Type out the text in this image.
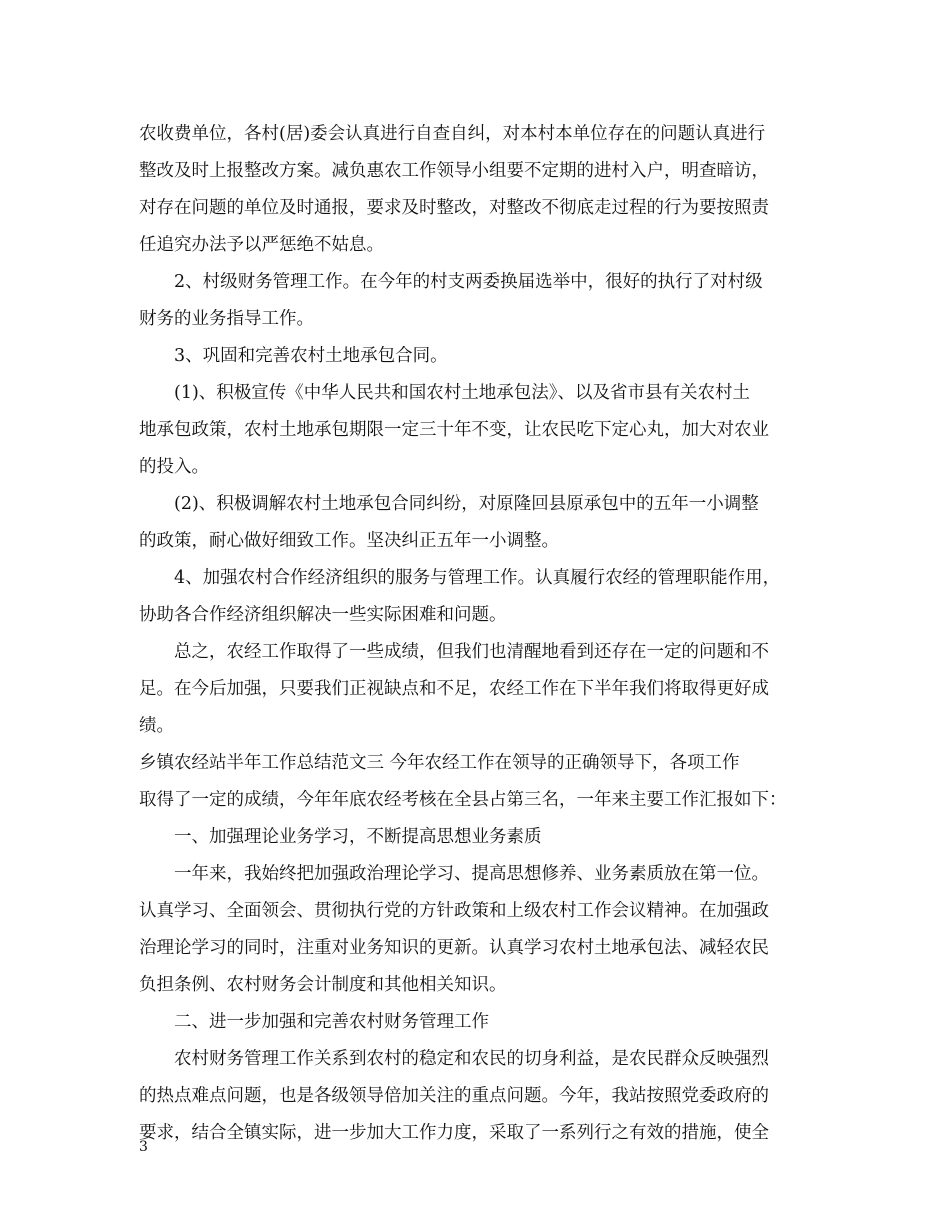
农收费单位，各村(居)委会认真进行自查自纠，对本村本单位存在的问题认真进行
整改及时上报整改方案。减负惠农工作领导小组要不定期的进村入户，明查暗访，
对存在问题的单位及时通报，要求及时整改，对整改不彻底走过程的行为要按照责
任追究办法予以严惩绝不姑息。
2、村级财务管理工作。在今年的村支两委换届选举中，很好的执行了对村级
财务的业务指导工作。
3、巩固和完善农村土地承包合同。
(1)、积极宣传《中华人民共和国农村土地承包法》、以及省市县有关农村土
地承包政策，农村土地承包期限一定三十年不变，让农民吃下定心丸，加大对农业
的投入。
(2)、积极调解农村土地承包合同纠纷，对原隆回县原承包中的五年一小调整
的政策，耐心做好细致工作。坚决纠正五年一小调整。
4、加强农村合作经济组织的服务与管理工作。认真履行农经的管理职能作用，
协助各合作经济组织解决一些实际困难和问题。
总之，农经工作取得了一些成绩，但我们也清醒地看到还存在一定的问题和不
足。在今后加强，只要我们正视缺点和不足，农经工作在下半年我们将取得更好成
绩。
乡镇农经站半年工作总结范文三 今年农经工作在领导的正确领导下，各项工作
取得了一定的成绩，今年年底农经考核在全县占第三名，一年来主要工作汇报如下：
一、加强理论业务学习，不断提高思想业务素质
一年来，我始终把加强政治理论学习、提高思想修养、业务素质放在第一位。
认真学习、全面领会、贯彻执行党的方针政策和上级农村工作会议精神。在加强政
治理论学习的同时，注重对业务知识的更新。认真学习农村土地承包法、减轻农民
负担条例、农村财务会计制度和其他相关知识。
二、进一步加强和完善农村财务管理工作
农村财务管理工作关系到农村的稳定和农民的切身利益，是农民群众反映强烈
的热点难点问题，也是各级领导倍加关注的重点问题。今年，我站按照党委政府的
要求，结合全镇实际，进一步加大工作力度，采取了一系列行之有效的措施，使全
3
